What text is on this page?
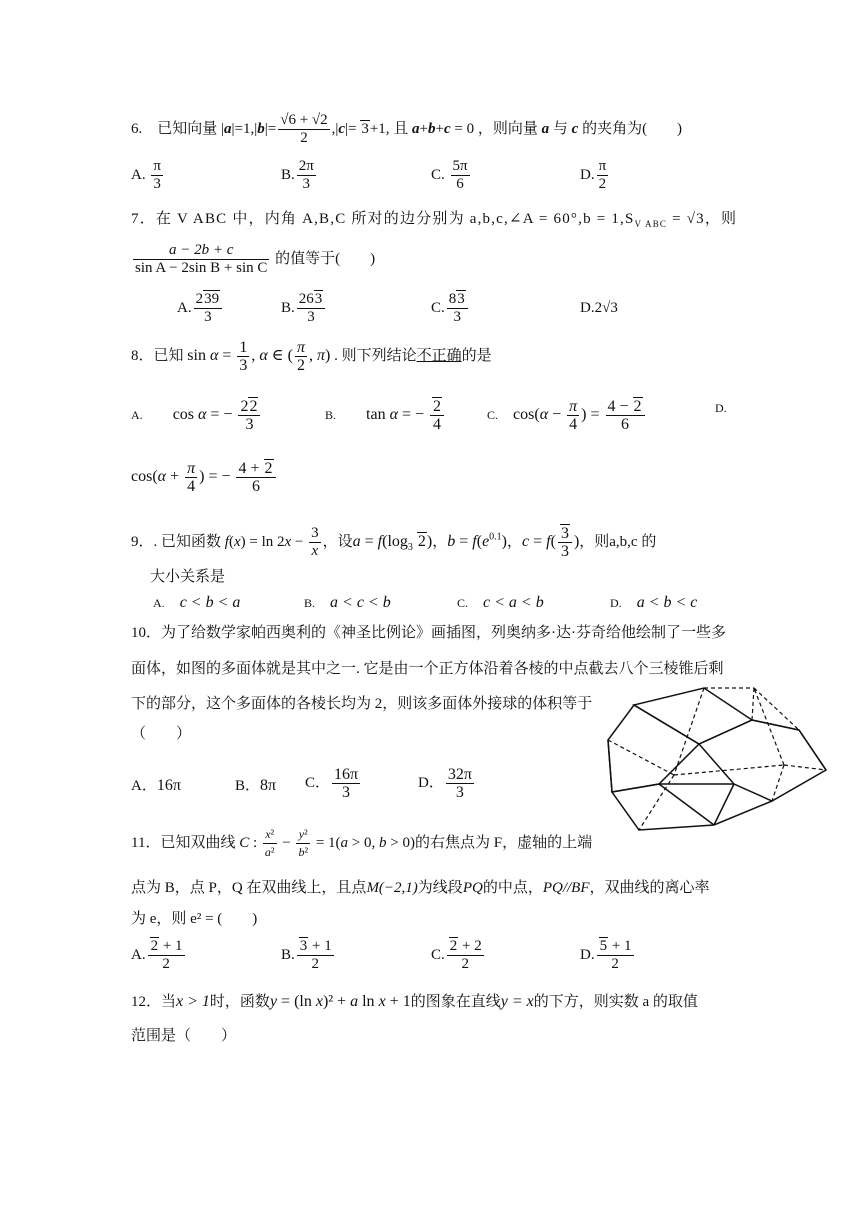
6.　已知向量 $|a|=1,|b|= \frac{√6 + √2}{2} ,|c|= 3+1$, 且 a+b+c = 0 ，则向量 a 与 c 的夹角为(　　)
A. $\frac{\pi}{3}$	B. $\frac{2\pi}{3}$	C. $\frac{5\pi}{6}$	D. $\frac{\pi}{2}$
7．在 V ABC 中，内角 A,B,C 所对的边分别为 a,b,c,∠A = $60^\circ,b = 1,S_{V ABC} = √3$，则
$\frac{a - 2b + c}{\text{sin A − 2sin B + sin C}}$ 的值等于(　　)
A. $\frac{239}{3}$	B. $\frac{263}{3}$	C. $\frac{83}{3}$	D.2√3
8．已知 $\sin \alpha = \frac{1}{3}$ , α ∈ ( $\frac{\pi}{2}$ , π) . 则下列结论不正确的是
A.　　 cos α = − $\frac{22}{3}$	B.　　 tan α = − $\frac{2}{4}$	C.　 $\cos(\alpha - \frac{\pi}{4}$ ) = $\frac{4 - 2}{6}$	D.
$\cos(\alpha + \frac{\pi}{4}$ ) = − $\frac{4 + 2}{6}$
9．. 已知函数 $f(x) = \ln 2x - \frac{3}{x}$ ，设$a = f(\log_3$ 2)，$b = f(e^{0.1})$，$c = f( \frac{3}{3}$ )，则a,b,c 的
大小关系是
A.　 c < b < a	B.　 a < c < b	C.　 c < a < b	D.　 a < b < c
10．为了给数学家帕西奥利的《神圣比例论》画插图，列奥纳多·达·芬奇给他绘制了一些多
面体，如图的多面体就是其中之一. 它是由一个正方体沿着各棱的中点截去八个三棱锥后剩
下的部分，这个多面体的各棱长均为 2，则该多面体外接球的体积等于
（　　）
A．16π	B．8π C． $\frac{16\pi}{3}$	D． $\frac{32\pi}{3}$
11．已知双曲线 C : $\frac{\text{x²}}{\text{a²}} - \frac{\text{y²}}{\text{b²}} = 1(a > 0$, b > 0)的右焦点为 F，虚轴的上端
点为 B，点 P，Q 在双曲线上，且点M(−2,1)为线段PQ的中点，PQ//BF，双曲线的离心率
为 e，则 e² = (　　)
A. $\frac{2 + 1}{2}$	B. $\frac{3 + 1}{2}$	C. $\frac{2 + 2}{2}$	D. $\frac{5 + 1}{2}$
12．当x > 1时，函数y = (ln x)² + a ln x + 1的图象在直线y = x的下方，则实数 a 的取值
范围是（　　）
